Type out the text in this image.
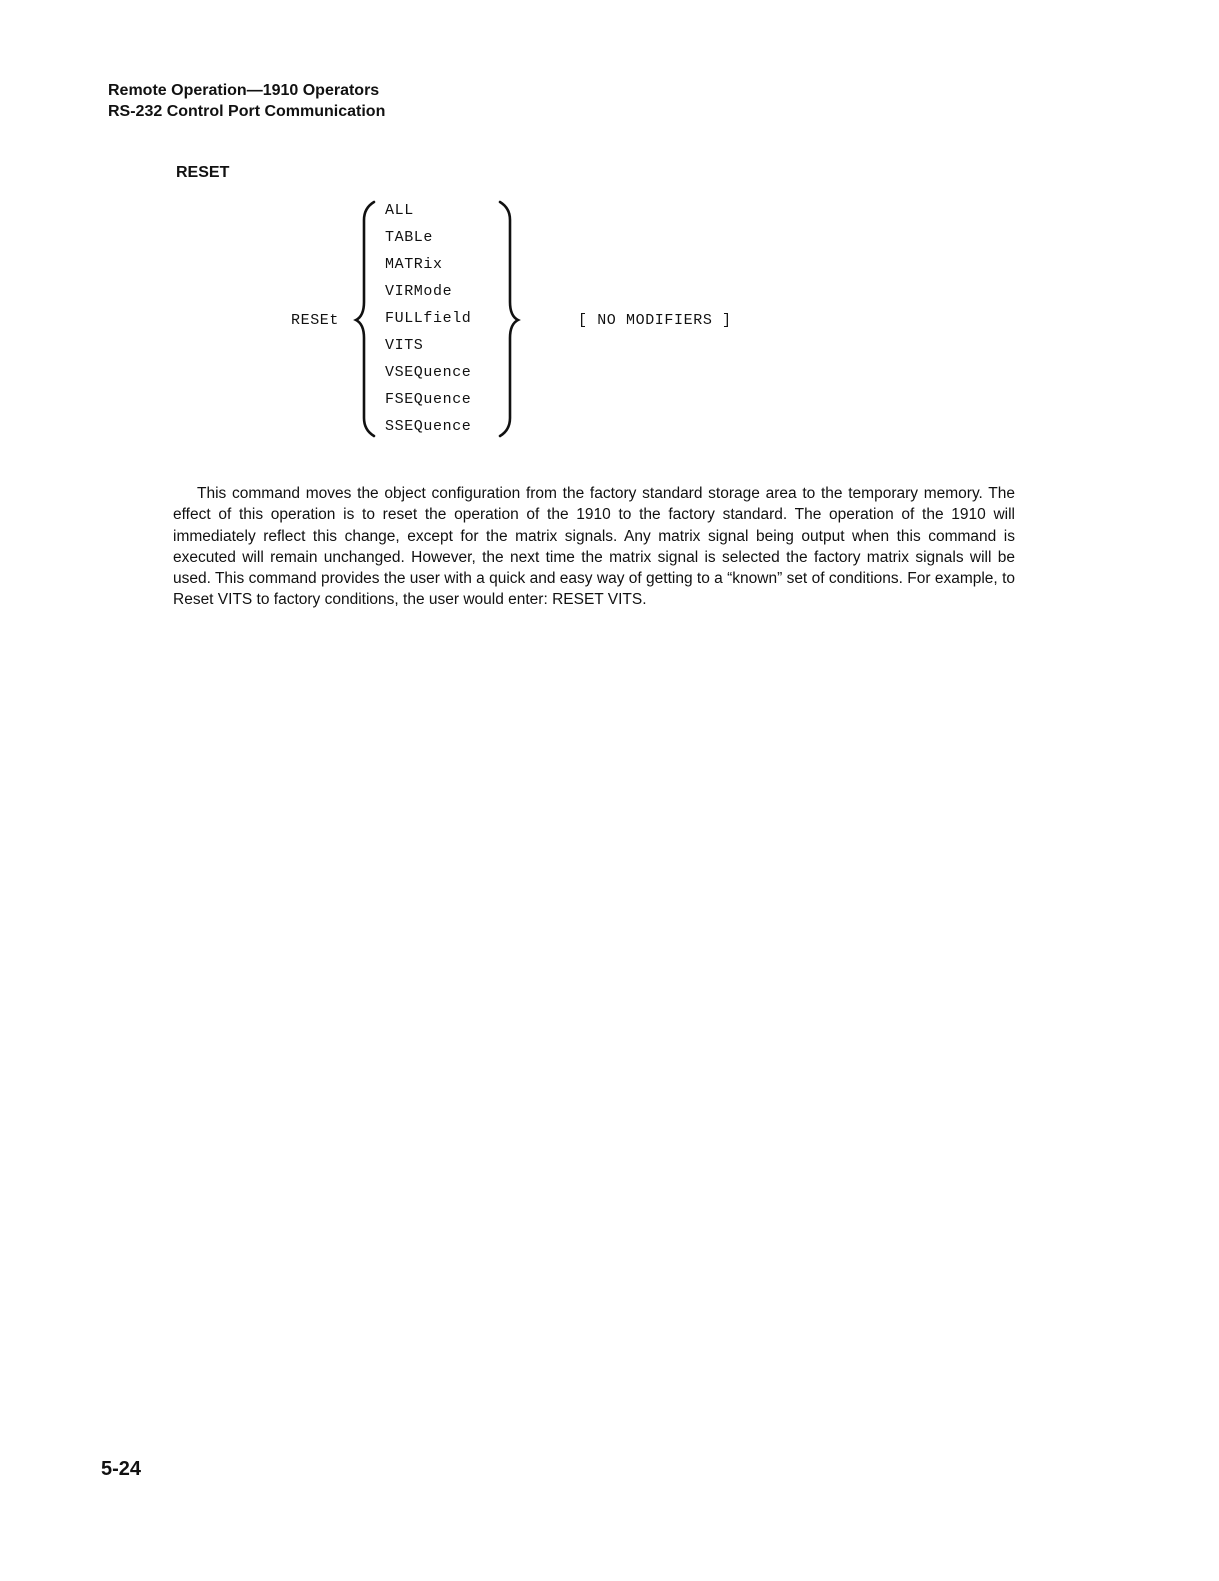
Remote Operation—1910 Operators
RS-232 Control Port Communication
RESET
RESEt
ALL
TABLe
MATRix
VIRMode
FULLfield
VITS
VSEQuence
FSEQuence
SSEQuence
[ NO MODIFIERS ]

This command moves the object configuration from the factory standard storage area to the temporary memory. The effect of this operation is to reset the operation of the 1910 to the factory standard. The operation of the 1910 will immediately reflect this change, except for the matrix signals. Any matrix signal being output when this command is executed will remain unchanged. However, the next time the matrix signal is selected the factory matrix signals will be used. This command provides the user with a quick and easy way of getting to a “known” set of conditions. For example, to Reset VITS to factory conditions, the user would enter: RESET VITS.

5-24
